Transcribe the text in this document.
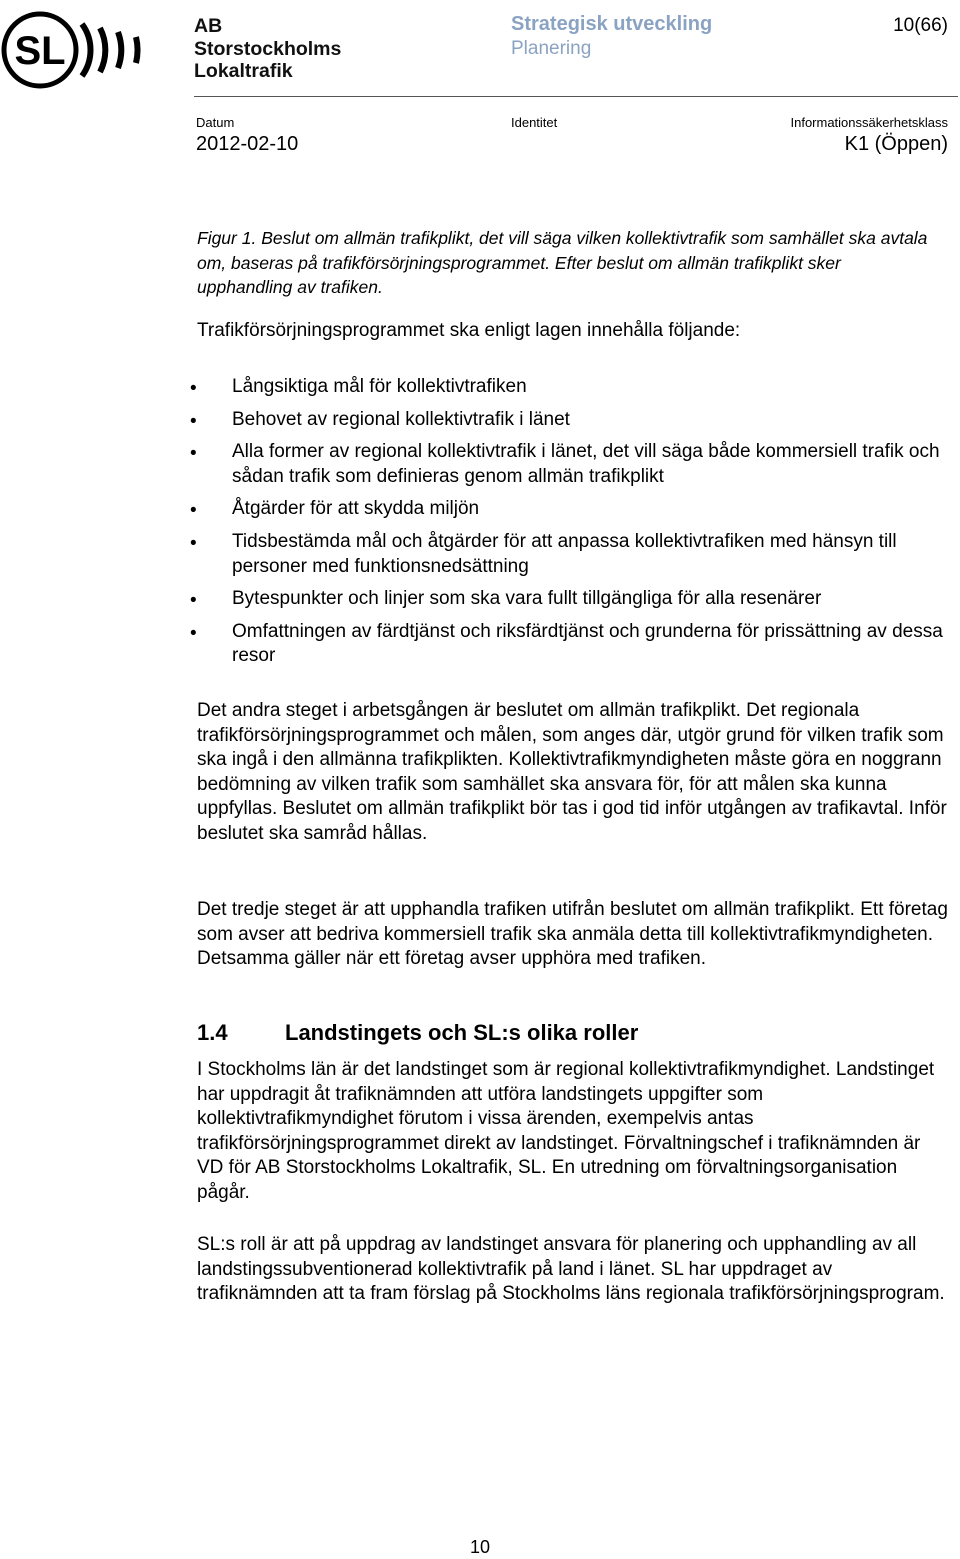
SL
AB
Storstockholms
Lokaltrafik
Strategisk utveckling
Planering
10(66)
Datum
2012-02-10
Identitet	Informationssäkerhetsklass
K1 (Öppen)

Figur 1. Beslut om allmän trafikplikt, det vill säga vilken kollektivtrafik som samhället ska avtala om, baseras på trafikförsörjningsprogrammet. Efter beslut om allmän trafikplikt sker upphandling av trafiken.

Trafikförsörjningsprogrammet ska enligt lagen innehålla följande:

• Långsiktiga mål för kollektivtrafiken
• Behovet av regional kollektivtrafik i länet
• Alla former av regional kollektivtrafik i länet, det vill säga både kommersiell trafik och sådan trafik som definieras genom allmän trafikplikt
• Åtgärder för att skydda miljön
• Tidsbestämda mål och åtgärder för att anpassa kollektivtrafiken med hänsyn till personer med funktionsnedsättning
• Bytespunkter och linjer som ska vara fullt tillgängliga för alla resenärer
• Omfattningen av färdtjänst och riksfärdtjänst och grunderna för prissättning av dessa resor

Det andra steget i arbetsgången är beslutet om allmän trafikplikt. Det regionala trafikförsörjningsprogrammet och målen, som anges där, utgör grund för vilken trafik som ska ingå i den allmänna trafikplikten. Kollektivtrafikmyndigheten måste göra en noggrann bedömning av vilken trafik som samhället ska ansvara för, för att målen ska kunna uppfyllas. Beslutet om allmän trafikplikt bör tas i god tid inför utgången av trafikavtal. Inför beslutet ska samråd hållas.

Det tredje steget är att upphandla trafiken utifrån beslutet om allmän trafikplikt. Ett företag som avser att bedriva kommersiell trafik ska anmäla detta till kollektivtrafikmyndigheten. Detsamma gäller när ett företag avser upphöra med trafiken.

1.4	Landstingets och SL:s olika roller

I Stockholms län är det landstinget som är regional kollektivtrafikmyndighet. Landstinget har uppdragit åt trafiknämnden att utföra landstingets uppgifter som kollektivtrafikmyndighet förutom i vissa ärenden, exempelvis antas trafikförsörjningsprogrammet direkt av landstinget. Förvaltningschef i trafiknämnden är VD för AB Storstockholms Lokaltrafik, SL. En utredning om förvaltningsorganisation pågår.

SL:s roll är att på uppdrag av landstinget ansvara för planering och upphandling av all landstingssubventionerad kollektivtrafik på land i länet. SL har uppdraget av trafiknämnden att ta fram förslag på Stockholms läns regionala trafikförsörjningsprogram.

10
